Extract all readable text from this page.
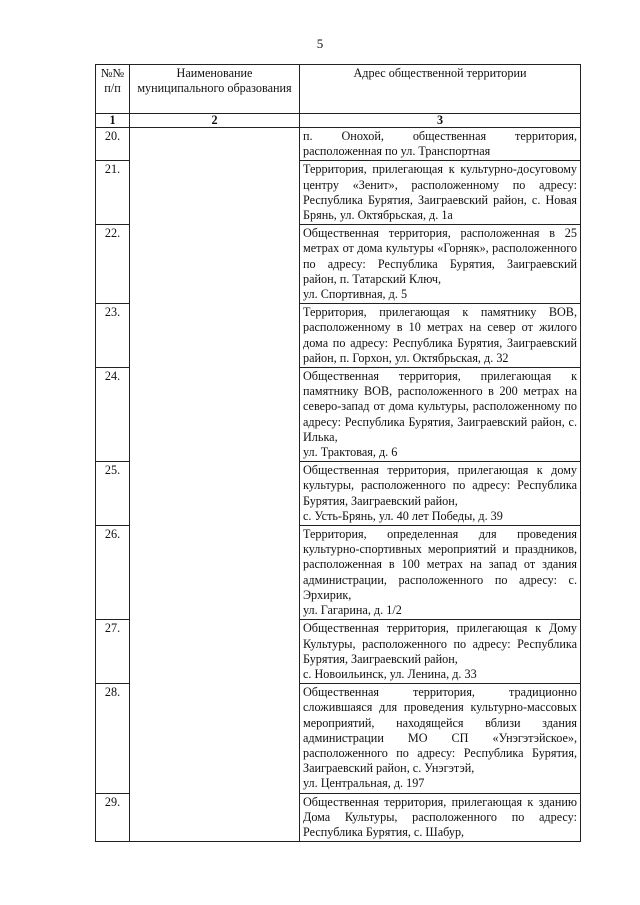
5
№№ п/п	Наименование муниципального образования	Адрес общественной территории
1	2	3
20.		п. Онохой, общественная территория, расположенная по ул. Транспортная

21.		Территория, прилегающая к культурно-досуговому центру «Зенит», расположенному по адресу: Республика Бурятия, Заиграевский район, с. Новая Брянь, ул. Октябрьская, д. 1а

22.		Общественная территория, расположенная в 25 метрах от дома культуры «Горняк», расположенного по адресу: Республика Бурятия, Заиграевский район, п. Татарский Ключ,

ул. Спортивная, д. 5

23.		Территория, прилегающая к памятнику ВОВ, расположенному в 10 метрах на север от жилого дома по адресу: Республика Бурятия, Заиграевский район, п. Горхон, ул. Октябрьская, д. 32

24.		Общественная территория, прилегающая к памятнику ВОВ, расположенного в 200 метрах на северо-запад от дома культуры, расположенному по адресу: Республика Бурятия, Заиграевский район, с. Илька,

ул. Трактовая, д. 6

25.		Общественная территория, прилегающая к дому культуры, расположенного по адресу: Республика Бурятия, Заиграевский район,

с. Усть-Брянь, ул. 40 лет Победы, д. 39

26.		Территория, определенная для проведения культурно-спортивных мероприятий и праздников, расположенная в 100 метрах на запад от здания администрации, расположенного по адресу: с. Эрхирик,

ул. Гагарина, д. 1/2

27.		Общественная территория, прилегающая к Дому Культуры, расположенного по адресу: Республика Бурятия, Заиграевский район,

с. Новоильинск, ул. Ленина, д. 33

28.		Общественная территория, традиционно сложившаяся для проведения культурно-массовых мероприятий, находящейся вблизи здания администрации МО СП «Унэгэтэйское», расположенного по адресу: Республика Бурятия, Заиграевский район, с. Унэгэтэй,

ул. Центральная, д. 197

29.		Общественная территория, прилегающая к зданию Дома Культуры, расположенного по адресу: Республика Бурятия, с. Шабур,
